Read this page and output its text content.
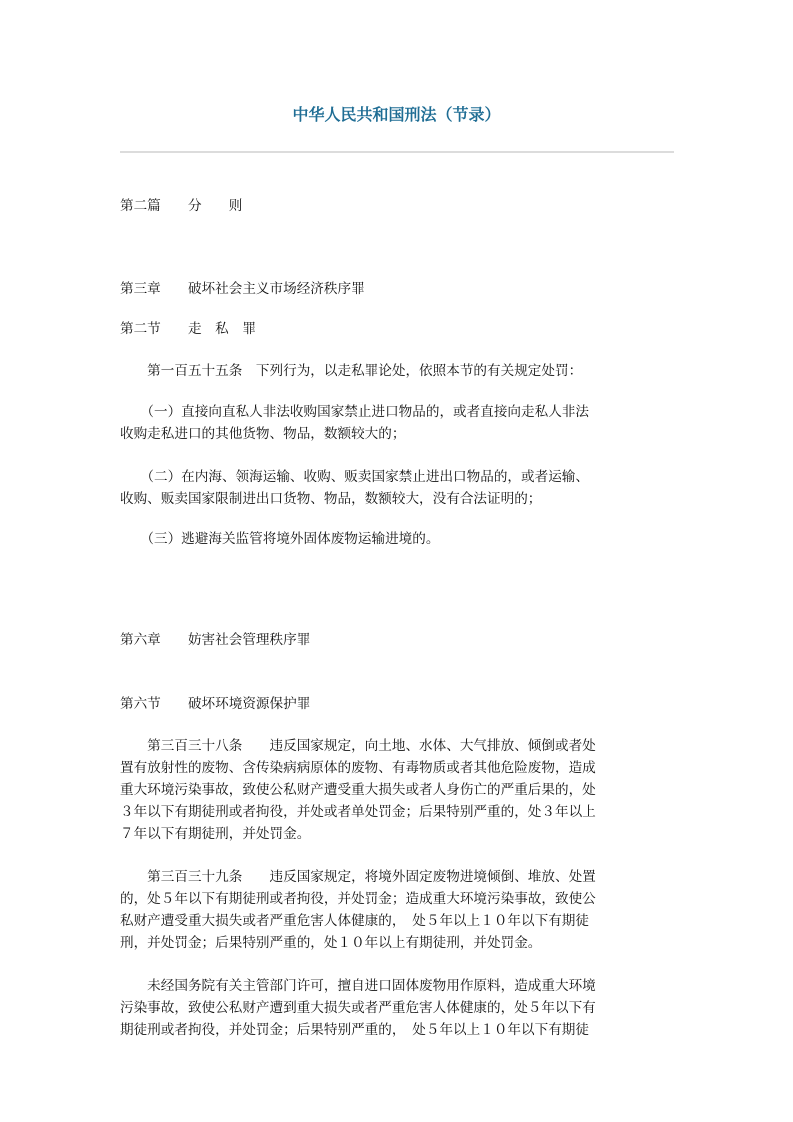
中华人民共和国刑法（节录）
第二篇　　分　　则
第三章　　破坏社会主义市场经济秩序罪
第二节　　走　私　罪
　　第一百五十五条　下列行为，以走私罪论处，依照本节的有关规定处罚：
　　（一）直接向直私人非法收购国家禁止进口物品的，或者直接向走私人非法
收购走私进口的其他货物、物品，数额较大的；
　　（二）在内海、领海运输、收购、贩卖国家禁止进出口物品的，或者运输、
收购、贩卖国家限制进出口货物、物品，数额较大，没有合法证明的；
　　（三）逃避海关监管将境外固体废物运输进境的。
第六章　　妨害社会管理秩序罪
第六节　　破坏环境资源保护罪
　　第三百三十八条　　违反国家规定，向土地、水体、大气排放、倾倒或者处
置有放射性的废物、含传染病病原体的废物、有毒物质或者其他危险废物，造成
重大环境污染事故，致使公私财产遭受重大损失或者人身伤亡的严重后果的，处
３年以下有期徒刑或者拘役，并处或者单处罚金；后果特别严重的，处３年以上
７年以下有期徒刑，并处罚金。
　　第三百三十九条　　违反国家规定，将境外固定废物进境倾倒、堆放、处置
的，处５年以下有期徒刑或者拘役，并处罚金；造成重大环境污染事故，致使公
私财产遭受重大损失或者严重危害人体健康的，　处５年以上１０年以下有期徒
刑，并处罚金；后果特别严重的，处１０年以上有期徒刑，并处罚金。
　　未经国务院有关主管部门许可，擅自进口固体废物用作原料，造成重大环境
污染事故，致使公私财产遭到重大损失或者严重危害人体健康的，处５年以下有
期徒刑或者拘役，并处罚金；后果特别严重的，　处５年以上１０年以下有期徒
